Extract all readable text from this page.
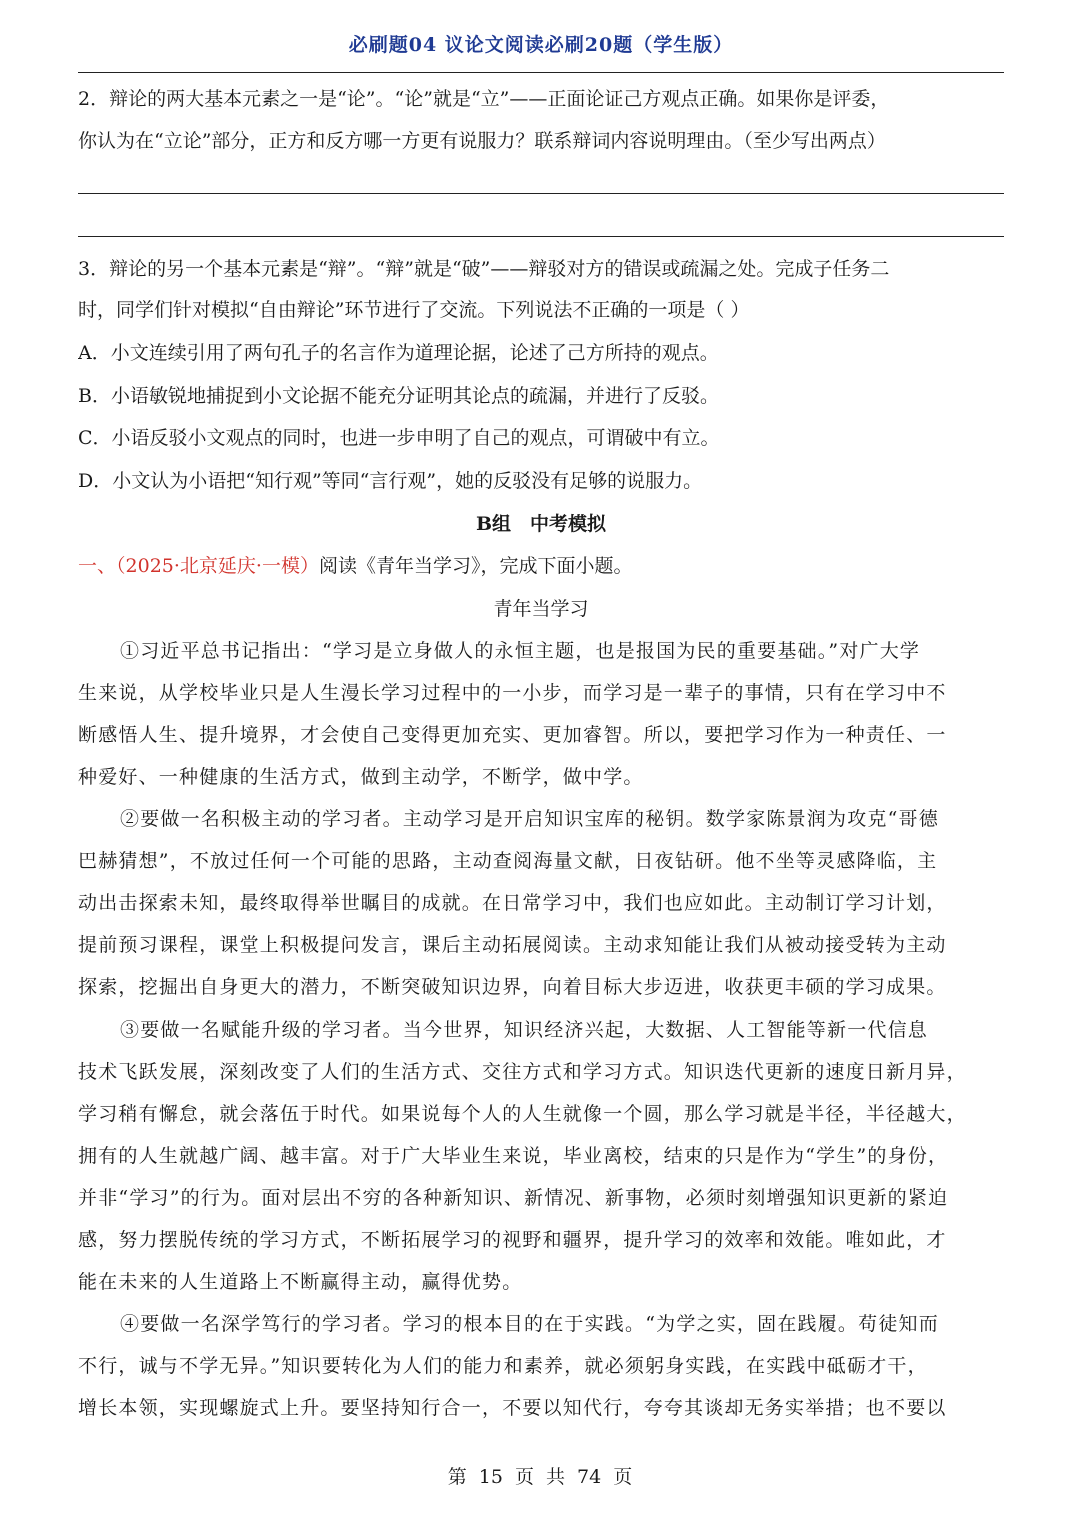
必刷题04 议论文阅读必刷20题（学生版）
2．辩论的两大基本元素之一是“论”。“论”就是“立”——正面论证己方观点正确。如果你是评委，
你认为在“立论”部分，正方和反方哪一方更有说服力？联系辩词内容说明理由。（至少写出两点）
3．辩论的另一个基本元素是“辩”。“辩”就是“破”——辩驳对方的错误或疏漏之处。完成子任务二
时，同学们针对模拟“自由辩论”环节进行了交流。下列说法不正确的一项是（ ）
A．小文连续引用了两句孔子的名言作为道理论据，论述了己方所持的观点。
B．小语敏锐地捕捉到小文论据不能充分证明其论点的疏漏，并进行了反驳。
C．小语反驳小文观点的同时，也进一步申明了自己的观点，可谓破中有立。
D．小文认为小语把“知行观”等同“言行观”，她的反驳没有足够的说服力。
B组　中考模拟
一、（2025·北京延庆·一模）阅读《青年当学习》，完成下面小题。
青年当学习
①习近平总书记指出：“学习是立身做人的永恒主题，也是报国为民的重要基础。”对广大学
生来说，从学校毕业只是人生漫长学习过程中的一小步，而学习是一辈子的事情，只有在学习中不
断感悟人生、提升境界，才会使自己变得更加充实、更加睿智。所以，要把学习作为一种责任、一
种爱好、一种健康的生活方式，做到主动学，不断学，做中学。
②要做一名积极主动的学习者。主动学习是开启知识宝库的秘钥。数学家陈景润为攻克“哥德
巴赫猜想”，不放过任何一个可能的思路，主动查阅海量文献，日夜钻研。他不坐等灵感降临，主
动出击探索未知，最终取得举世瞩目的成就。在日常学习中，我们也应如此。主动制订学习计划，
提前预习课程，课堂上积极提问发言，课后主动拓展阅读。主动求知能让我们从被动接受转为主动
探索，挖掘出自身更大的潜力，不断突破知识边界，向着目标大步迈进，收获更丰硕的学习成果。
③要做一名赋能升级的学习者。当今世界，知识经济兴起，大数据、人工智能等新一代信息
技术飞跃发展，深刻改变了人们的生活方式、交往方式和学习方式。知识迭代更新的速度日新月异，
学习稍有懈怠，就会落伍于时代。如果说每个人的人生就像一个圆，那么学习就是半径，半径越大，
拥有的人生就越广阔、越丰富。对于广大毕业生来说，毕业离校，结束的只是作为“学生”的身份，
并非“学习”的行为。面对层出不穷的各种新知识、新情况、新事物，必须时刻增强知识更新的紧迫
感，努力摆脱传统的学习方式，不断拓展学习的视野和疆界，提升学习的效率和效能。唯如此，才
能在未来的人生道路上不断赢得主动，赢得优势。
④要做一名深学笃行的学习者。学习的根本目的在于实践。“为学之实，固在践履。苟徒知而
不行，诚与不学无异。”知识要转化为人们的能力和素养，就必须躬身实践，在实践中砥砺才干，
增长本领，实现螺旋式上升。要坚持知行合一，不要以知代行，夸夸其谈却无务实举措；也不要以
第 15 页 共 74 页
